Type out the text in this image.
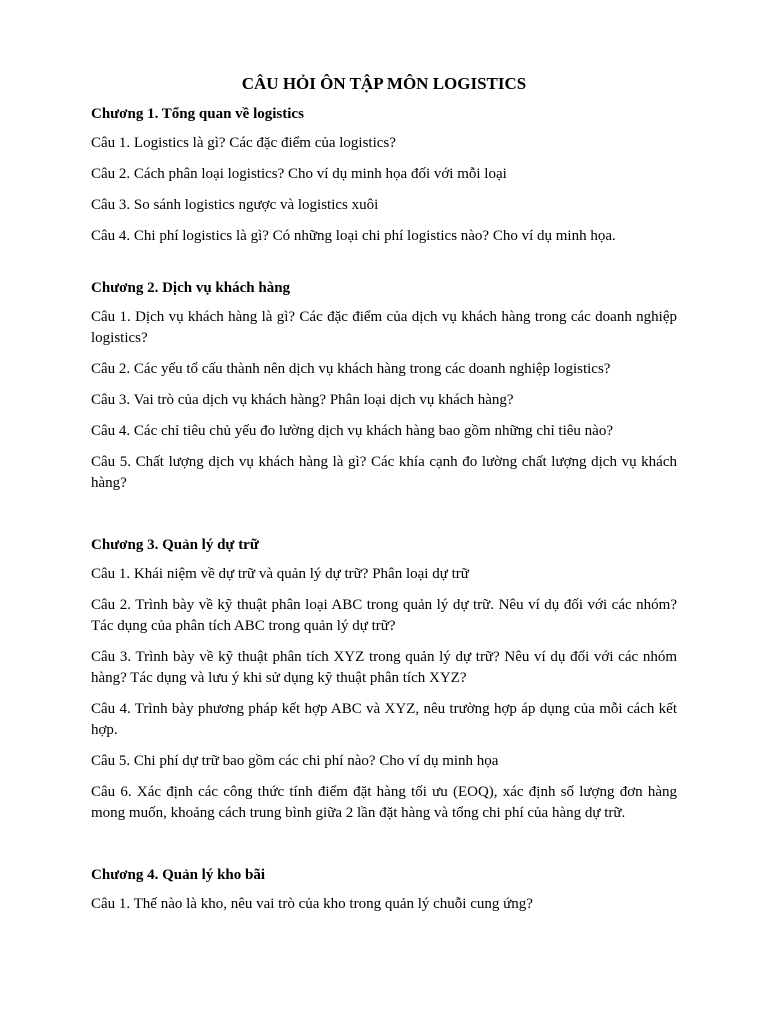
CÂU HỎI ÔN TẬP MÔN LOGISTICS
Chương 1. Tổng quan về logistics

Câu 1. Logistics là gì? Các đặc điểm của logistics?

Câu 2. Cách phân loại logistics? Cho ví dụ minh họa đối với mỗi loại

Câu 3. So sánh logistics ngược và logistics xuôi

Câu 4. Chi phí logistics là gì? Có những loại chi phí logistics nào? Cho ví dụ minh họa.

Chương 2. Dịch vụ khách hàng

Câu 1. Dịch vụ khách hàng là gì? Các đặc điểm của dịch vụ khách hàng trong các doanh nghiệp logistics?

Câu 2. Các yếu tố cấu thành nên dịch vụ khách hàng trong các doanh nghiệp logistics?

Câu 3. Vai trò của dịch vụ khách hàng? Phân loại dịch vụ khách hàng?

Câu 4. Các chỉ tiêu chủ yếu đo lường dịch vụ khách hàng bao gồm những chỉ tiêu nào?

Câu 5. Chất lượng dịch vụ khách hàng là gì? Các khía cạnh đo lường chất lượng dịch vụ khách hàng?

Chương 3. Quản lý dự trữ

Câu 1. Khái niệm về dự trữ và quản lý dự trữ? Phân loại dự trữ

Câu 2. Trình bày về kỹ thuật phân loại ABC trong quản lý dự trữ. Nêu ví dụ đối với các nhóm? Tác dụng của phân tích ABC trong quản lý dự trữ?

Câu 3. Trình bày về kỹ thuật phân tích XYZ trong quản lý dự trữ? Nêu ví dụ đối với các nhóm hàng? Tác dụng và lưu ý khi sử dụng kỹ thuật phân tích XYZ?

Câu 4. Trình bày phương pháp kết hợp ABC và XYZ, nêu trường hợp áp dụng của mỗi cách kết hợp.

Câu 5. Chi phí dự trữ bao gồm các chi phí nào? Cho ví dụ minh họa

Câu 6. Xác định các công thức tính điểm đặt hàng tối ưu (EOQ), xác định số lượng đơn hàng mong muốn, khoảng cách trung bình giữa 2 lần đặt hàng và tổng chi phí của hàng dự trữ.

Chương 4. Quản lý kho bãi

Câu 1. Thế nào là kho, nêu vai trò của kho trong quản lý chuỗi cung ứng?
